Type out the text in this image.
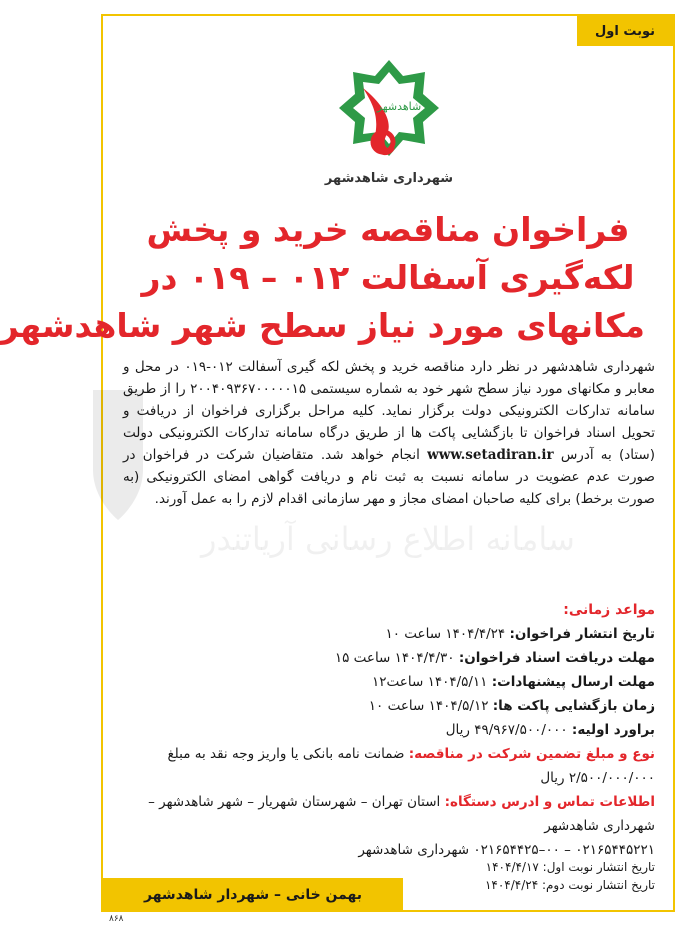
نوبت اول
شاهدشهر
شهرداری شاهدشهر
فراخوان مناقصه خرید و پخش
لکه‌گیری آسفالت ۰۱۲ – ۰۱۹ در
مکانهای مورد نیاز سطح شهر شاهدشهر
شهرداری شاهدشهر در نظر دارد مناقصه خرید و پخش لکه گیری آسفالت ۰۱۲-۰۱۹ در محل و معابر و مکانهای مورد نیاز سطح شهر خود به شماره سیستمی ۲۰۰۴۰۹۳۶۷۰۰۰۰۰۱۵ را از طریق سامانه تدارکات الکترونیکی دولت برگزار نماید. کلیه مراحل برگزاری فراخوان از دریافت و تحویل اسناد فراخوان تا بازگشایی پاکت ها از طریق درگاه سامانه تدارکات الکترونیکی دولت (ستاد) به آدرس www.setadiran.ir انجام خواهد شد. متقاضیان شرکت در فراخوان در صورت عدم عضویت در سامانه نسبت به ثبت نام و دریافت گواهی امضای الکترونیکی (به صورت برخط) برای کلیه صاحبان امضای مجاز و مهر سازمانی اقدام لازم را به عمل آورند.
مواعد زمانی:
تاریخ انتشار فراخوان: ۱۴۰۴/۴/۲۴ ساعت ۱۰
مهلت دریافت اسناد فراخوان: ۱۴۰۴/۴/۳۰ ساعت ۱۵
مهلت ارسال پیشنهادات: ۱۴۰۴/۵/۱۱ ساعت۱۲
زمان بازگشایی پاکت ها: ۱۴۰۴/۵/۱۲ ساعت ۱۰
براورد اولیه: ۴۹/۹۶۷/۵۰۰/۰۰۰ ریال
نوع و مبلغ تضمین شرکت در مناقصه: ضمانت نامه بانکی یا واریز وجه نقد به مبلغ ۲/۵۰۰/۰۰۰/۰۰۰ ریال
اطلاعات تماس و ادرس دستگاه: استان تهران – شهرستان شهریار – شهر شاهدشهر –شهرداری شاهدشهر
۰۲۱۶۵۴۴۵۲۲۱ – ۰۰–۰۲۱۶۵۴۴۲۵ شهرداری شاهدشهر
تاریخ انتشار نوبت اول: ۱۴۰۴/۴/۱۷
تاریخ انتشار نوبت دوم: ۱۴۰۴/۴/۲۴
بهمن خانی – شهردار شاهدشهر
۸۶۸
سامانه اطلاع رسانی آریاتندر
